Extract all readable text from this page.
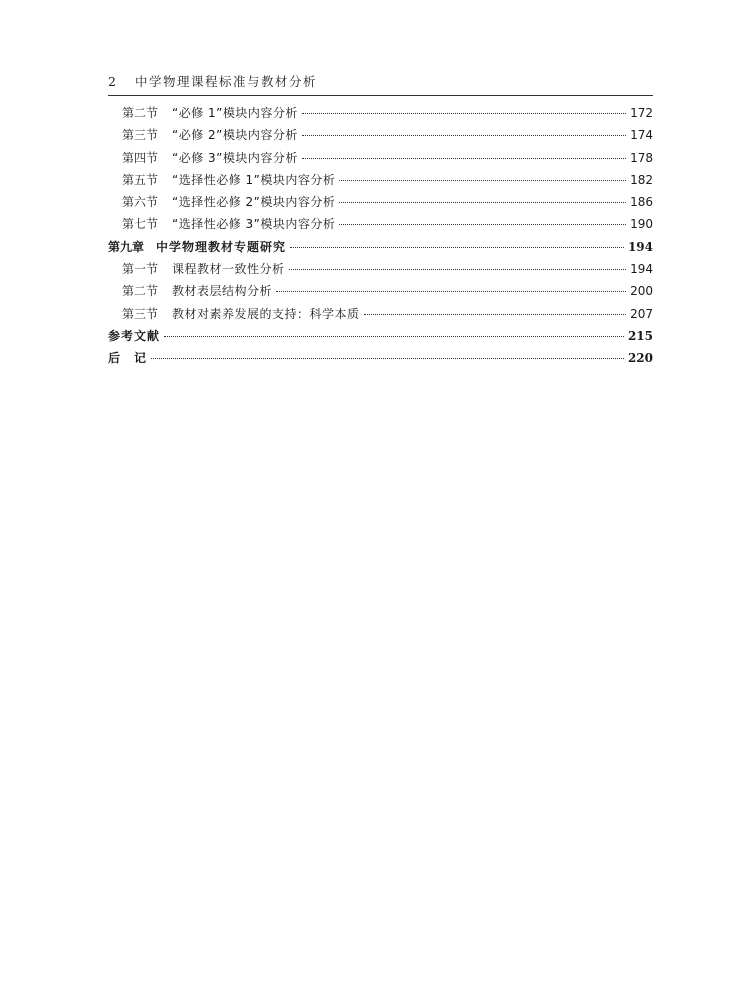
2 中学物理课程标准与教材分析
第二节 “必修 1”模块内容分析	172
第三节 “必修 2”模块内容分析	174
第四节 “必修 3”模块内容分析	178
第五节 “选择性必修 1”模块内容分析	182
第六节 “选择性必修 2”模块内容分析	186
第七节 “选择性必修 3”模块内容分析	190
第九章 中学物理教材专题研究	194
第一节 课程教材一致性分析	194
第二节 教材表层结构分析	200
第三节 教材对素养发展的支持：科学本质	207
参考文献	215
后　记	220
